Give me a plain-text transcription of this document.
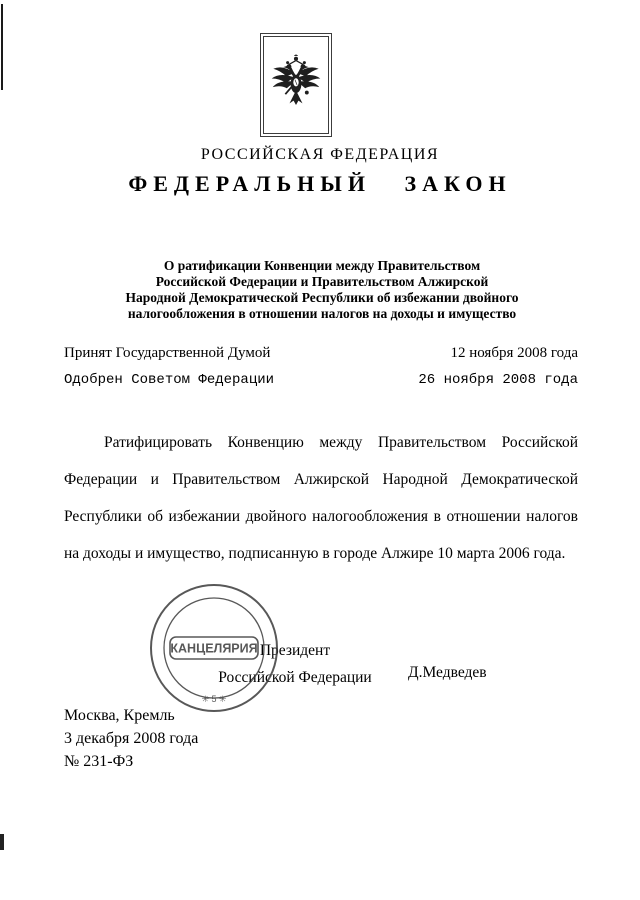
РОССИЙСКАЯ ФЕДЕРАЦИЯ
ФЕДЕРАЛЬНЫЙ ЗАКОН
О ратификации Конвенции между Правительством
Российской Федерации и Правительством Алжирской
Народной Демократической Республики об избежании двойного
налогообложения в отношении налогов на доходы и имущество
Принят Государственной Думой	12 ноября 2008 года
Одобрен Советом Федерации	26 ноября 2008 года
Ратифицировать Конвенцию между Правительством Российской Федерации и Правительством Алжирской Народной Демократической Республики об избежании двойного налогообложения в отношении налогов на доходы и имущество, подписанную в городе Алжире 10 марта 2006 года.
✳ 5 ✳
КАНЦЕЛЯРИЯ Президент
Российской Федерации	Д.Медведев
Москва, Кремль
3 декабря 2008 года
№ 231-ФЗ
